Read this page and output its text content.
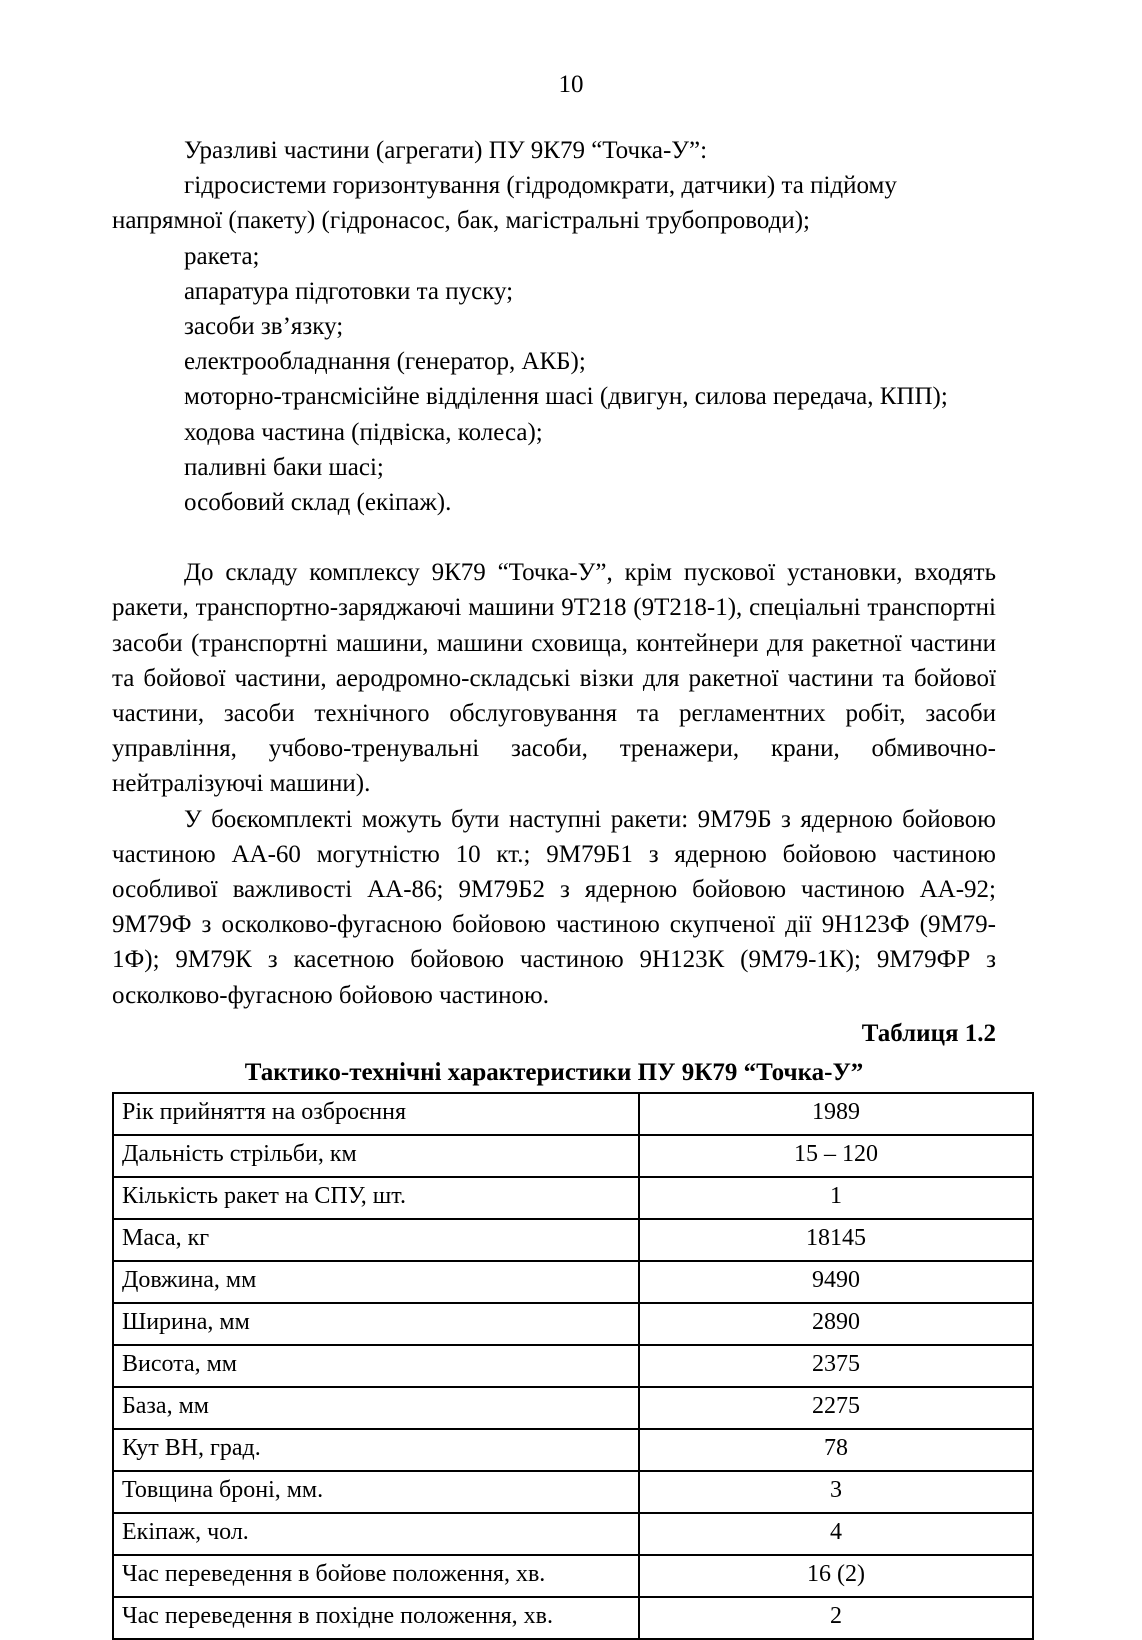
10

Уразливі частини (агрегати) ПУ 9К79 “Точка-У”:

гідросистеми горизонтування (гідродомкрати, датчики) та підйому напрямної (пакету) (гідронасос, бак, магістральні трубопроводи);

ракета;

апаратура підготовки та пуску;

засоби зв’язку;

електрообладнання (генератор, АКБ);

моторно-трансмісійне відділення шасі (двигун, силова передача, КПП);

ходова частина (підвіска, колеса);

паливні баки шасі;

особовий склад (екіпаж).

До складу комплексу 9К79 “Точка-У”, крім пускової установки, входять ракети, транспортно-заряджаючі машини 9Т218 (9Т218-1), спеціальні транспортні засоби (транспортні машини, машини сховища, контейнери для ракетної частини та бойової частини, аеродромно-складські візки для ракетної частини та бойової частини, засоби технічного обслуговування та регламентних робіт, засоби управління, учбово-тренувальні засоби, тренажери, крани, обмивочно-нейтралізуючі машини).

У боєкомплекті можуть бути наступні ракети: 9М79Б з ядерною бойовою частиною АА-60 могутністю 10 кт.; 9М79Б1 з ядерною бойовою частиною особливої важливості АА-86; 9М79Б2 з ядерною бойовою частиною АА-92; 9М79Ф з осколково-фугасною бойовою частиною скупченої дії 9Н123Ф (9М79-1Ф); 9М79К з касетною бойовою частиною 9Н123К (9М79-1К); 9М79ФР з осколково-фугасною бойовою частиною.

Таблиця 1.2

Тактико-технічні характеристики ПУ 9К79 “Точка-У”

Рік прийняття на озброєння	1989
Дальність стрільби, км	15 – 120
Кількість ракет на СПУ, шт.	1
Маса, кг	18145
Довжина, мм	9490
Ширина, мм	2890
Висота, мм	2375
База, мм	2275
Кут ВН, град.	78
Товщина броні, мм.	3
Екіпаж, чол.	4
Час переведення в бойове положення, хв.	16 (2)
Час переведення в похідне положення, хв.	2
